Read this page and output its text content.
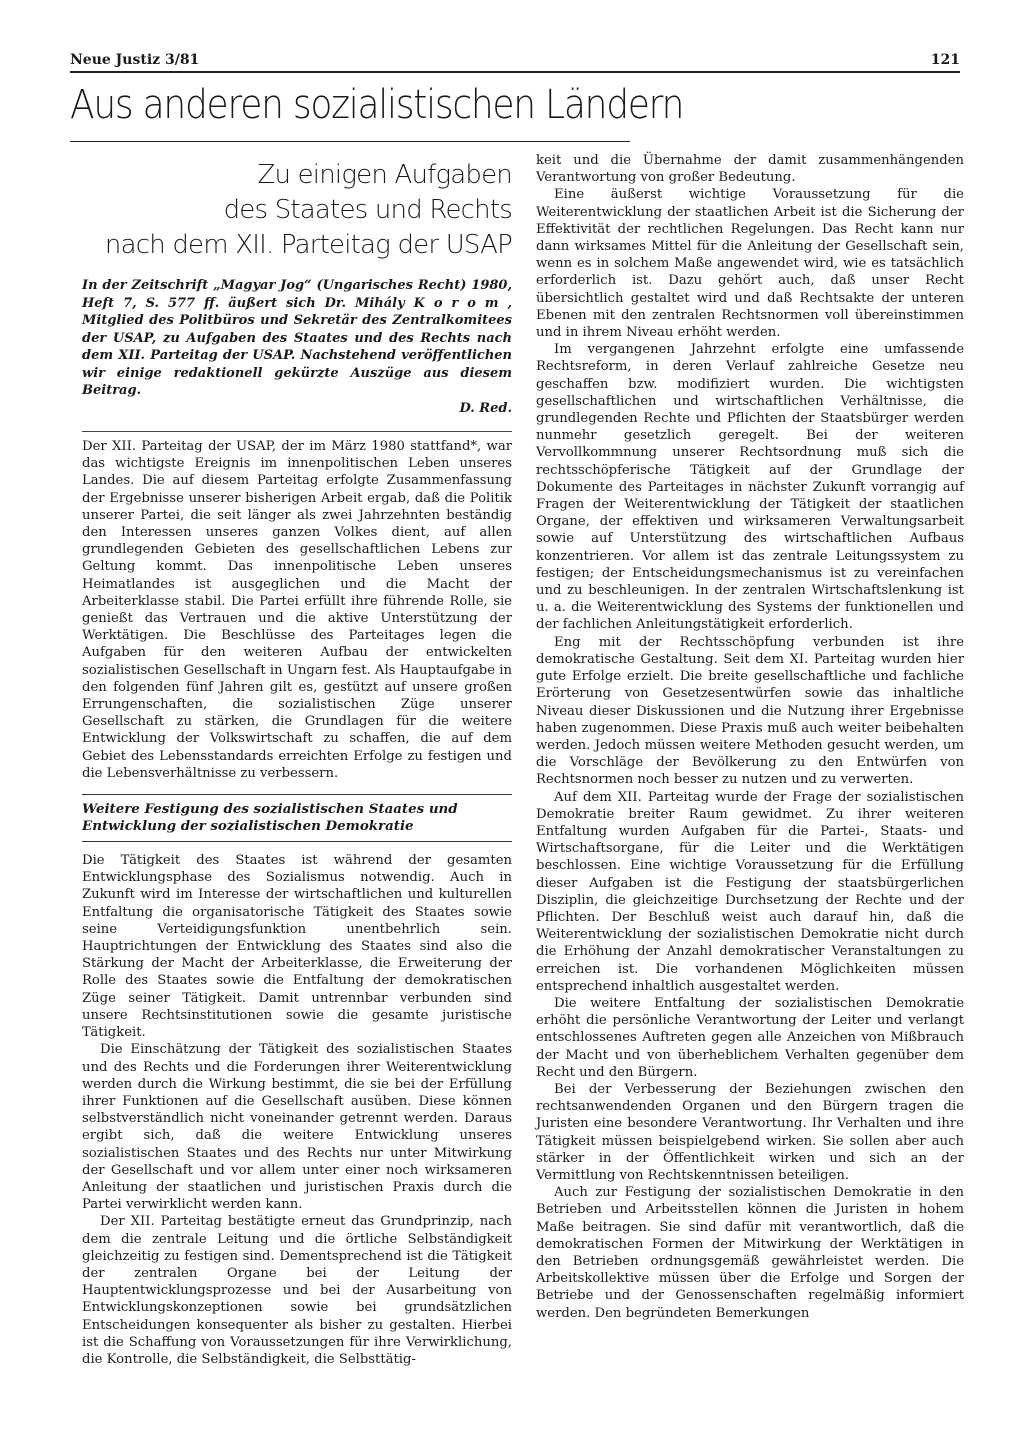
Neue Justiz 3/81	121
Aus anderen sozialistischen Ländern
Zu einigen Aufgaben
des Staates und Rechts
nach dem XII. Parteitag der USAP

In der Zeitschrift „Magyar Jog“ (Ungarisches Recht) 1980, Heft 7, S. 577 ff. äußert sich Dr. Mihály K o r o m , Mitglied des Politbüros und Sekretär des Zentralkomitees der USAP, zu Aufgaben des Staates und des Rechts nach dem XII. Parteitag der USAP. Nachstehend veröffentlichen wir einige redaktionell gekürzte Auszüge aus diesem Beitrag.

D. Red.

Der XII. Parteitag der USAP, der im März 1980 stattfand*, war das wichtigste Ereignis im innenpolitischen Leben unseres Landes. Die auf diesem Parteitag erfolgte Zusammenfassung der Ergebnisse unserer bisherigen Arbeit ergab, daß die Politik unserer Partei, die seit länger als zwei Jahrzehnten beständig den Interessen unseres ganzen Volkes dient, auf allen grundlegenden Gebieten des gesellschaftlichen Lebens zur Geltung kommt. Das innenpolitische Leben unseres Heimatlandes ist ausgeglichen und die Macht der Arbeiterklasse stabil. Die Partei erfüllt ihre führende Rolle, sie genießt das Vertrauen und die aktive Unterstützung der Werktätigen. Die Beschlüsse des Parteitages legen die Aufgaben für den weiteren Aufbau der entwickelten sozialistischen Gesellschaft in Ungarn fest. Als Hauptaufgabe in den folgenden fünf Jahren gilt es, gestützt auf unsere großen Errungenschaften, die sozialistischen Züge unserer Gesellschaft zu stärken, die Grundlagen für die weitere Entwicklung der Volkswirtschaft zu schaffen, die auf dem Gebiet des Lebensstandards erreichten Erfolge zu festigen und die Lebensverhältnisse zu verbessern.

Weitere Festigung des sozialistischen Staates und Entwicklung der sozialistischen Demokratie

Die Tätigkeit des Staates ist während der gesamten Entwicklungsphase des Sozialismus notwendig. Auch in Zukunft wird im Interesse der wirtschaftlichen und kulturellen Entfaltung die organisatorische Tätigkeit des Staates sowie seine Verteidigungsfunktion unentbehrlich sein. Hauptrichtungen der Entwicklung des Staates sind also die Stärkung der Macht der Arbeiterklasse, die Erweiterung der Rolle des Staates sowie die Entfaltung der demokratischen Züge seiner Tätigkeit. Damit untrennbar verbunden sind unsere Rechtsinstitutionen sowie die gesamte juristische Tätigkeit.

Die Einschätzung der Tätigkeit des sozialistischen Staates und des Rechts und die Forderungen ihrer Weiterentwicklung werden durch die Wirkung bestimmt, die sie bei der Erfüllung ihrer Funktionen auf die Gesellschaft ausüben. Diese können selbstverständlich nicht voneinander getrennt werden. Daraus ergibt sich, daß die weitere Entwicklung unseres sozialistischen Staates und des Rechts nur unter Mitwirkung der Gesellschaft und vor allem unter einer noch wirksameren Anleitung der staatlichen und juristischen Praxis durch die Partei verwirklicht werden kann.

Der XII. Parteitag bestätigte erneut das Grundprinzip, nach dem die zentrale Leitung und die örtliche Selbständigkeit gleichzeitig zu festigen sind. Dementsprechend ist die Tätigkeit der zentralen Organe bei der Leitung der Hauptentwicklungsprozesse und bei der Ausarbeitung von Entwicklungskonzeptionen sowie bei grundsätzlichen Entscheidungen konsequenter als bisher zu gestalten. Hierbei ist die Schaffung von Voraussetzungen für ihre Verwirklichung, die Kontrolle, die Selbständigkeit, die Selbsttätig-

keit und die Übernahme der damit zusammenhängenden Verantwortung von großer Bedeutung.

Eine äußerst wichtige Voraussetzung für die Weiterentwicklung der staatlichen Arbeit ist die Sicherung der Effektivität der rechtlichen Regelungen. Das Recht kann nur dann wirksames Mittel für die Anleitung der Gesellschaft sein, wenn es in solchem Maße angewendet wird, wie es tatsächlich erforderlich ist. Dazu gehört auch, daß unser Recht übersichtlich gestaltet wird und daß Rechtsakte der unteren Ebenen mit den zentralen Rechtsnormen voll übereinstimmen und in ihrem Niveau erhöht werden.

Im vergangenen Jahrzehnt erfolgte eine umfassende Rechtsreform, in deren Verlauf zahlreiche Gesetze neu geschaffen bzw. modifiziert wurden. Die wichtigsten gesellschaftlichen und wirtschaftlichen Verhältnisse, die grundlegenden Rechte und Pflichten der Staatsbürger werden nunmehr gesetzlich geregelt. Bei der weiteren Vervollkommnung unserer Rechtsordnung muß sich die rechtsschöpferische Tätigkeit auf der Grundlage der Dokumente des Parteitages in nächster Zukunft vorrangig auf Fragen der Weiterentwicklung der Tätigkeit der staatlichen Organe, der effektiven und wirksameren Verwaltungsarbeit sowie auf Unterstützung des wirtschaftlichen Aufbaus konzentrieren. Vor allem ist das zentrale Leitungssystem zu festigen; der Entscheidungsmechanismus ist zu vereinfachen und zu beschleunigen. In der zentralen Wirtschaftslenkung ist u. a. die Weiterentwicklung des Systems der funktionellen und der fachlichen Anleitungstätigkeit erforderlich.

Eng mit der Rechtsschöpfung verbunden ist ihre demokratische Gestaltung. Seit dem XI. Parteitag wurden hier gute Erfolge erzielt. Die breite gesellschaftliche und fachliche Erörterung von Gesetzesentwürfen sowie das inhaltliche Niveau dieser Diskussionen und die Nutzung ihrer Ergebnisse haben zugenommen. Diese Praxis muß auch weiter beibehalten werden. Jedoch müssen weitere Methoden gesucht werden, um die Vorschläge der Bevölkerung zu den Entwürfen von Rechtsnormen noch besser zu nutzen und zu verwerten.

Auf dem XII. Parteitag wurde der Frage der sozialistischen Demokratie breiter Raum gewidmet. Zu ihrer weiteren Entfaltung wurden Aufgaben für die Partei-, Staats- und Wirtschaftsorgane, für die Leiter und die Werktätigen beschlossen. Eine wichtige Voraussetzung für die Erfüllung dieser Aufgaben ist die Festigung der staatsbürgerlichen Disziplin, die gleichzeitige Durchsetzung der Rechte und der Pflichten. Der Beschluß weist auch darauf hin, daß die Weiterentwicklung der sozialistischen Demokratie nicht durch die Erhöhung der Anzahl demokratischer Veranstaltungen zu erreichen ist. Die vorhandenen Möglichkeiten müssen entsprechend inhaltlich ausgestaltet werden.

Die weitere Entfaltung der sozialistischen Demokratie erhöht die persönliche Verantwortung der Leiter und verlangt entschlossenes Auftreten gegen alle Anzeichen von Mißbrauch der Macht und von überheblichem Verhalten gegenüber dem Recht und den Bürgern.

Bei der Verbesserung der Beziehungen zwischen den rechtsanwendenden Organen und den Bürgern tragen die Juristen eine besondere Verantwortung. Ihr Verhalten und ihre Tätigkeit müssen beispielgebend wirken. Sie sollen aber auch stärker in der Öffentlichkeit wirken und sich an der Vermittlung von Rechtskenntnissen beteiligen.

Auch zur Festigung der sozialistischen Demokratie in den Betrieben und Arbeitsstellen können die Juristen in hohem Maße beitragen. Sie sind dafür mit verantwortlich, daß die demokratischen Formen der Mitwirkung der Werktätigen in den Betrieben ordnungsgemäß gewährleistet werden. Die Arbeitskollektive müssen über die Erfolge und Sorgen der Betriebe und der Genossenschaften regelmäßig informiert werden. Den begründeten Bemerkungen
